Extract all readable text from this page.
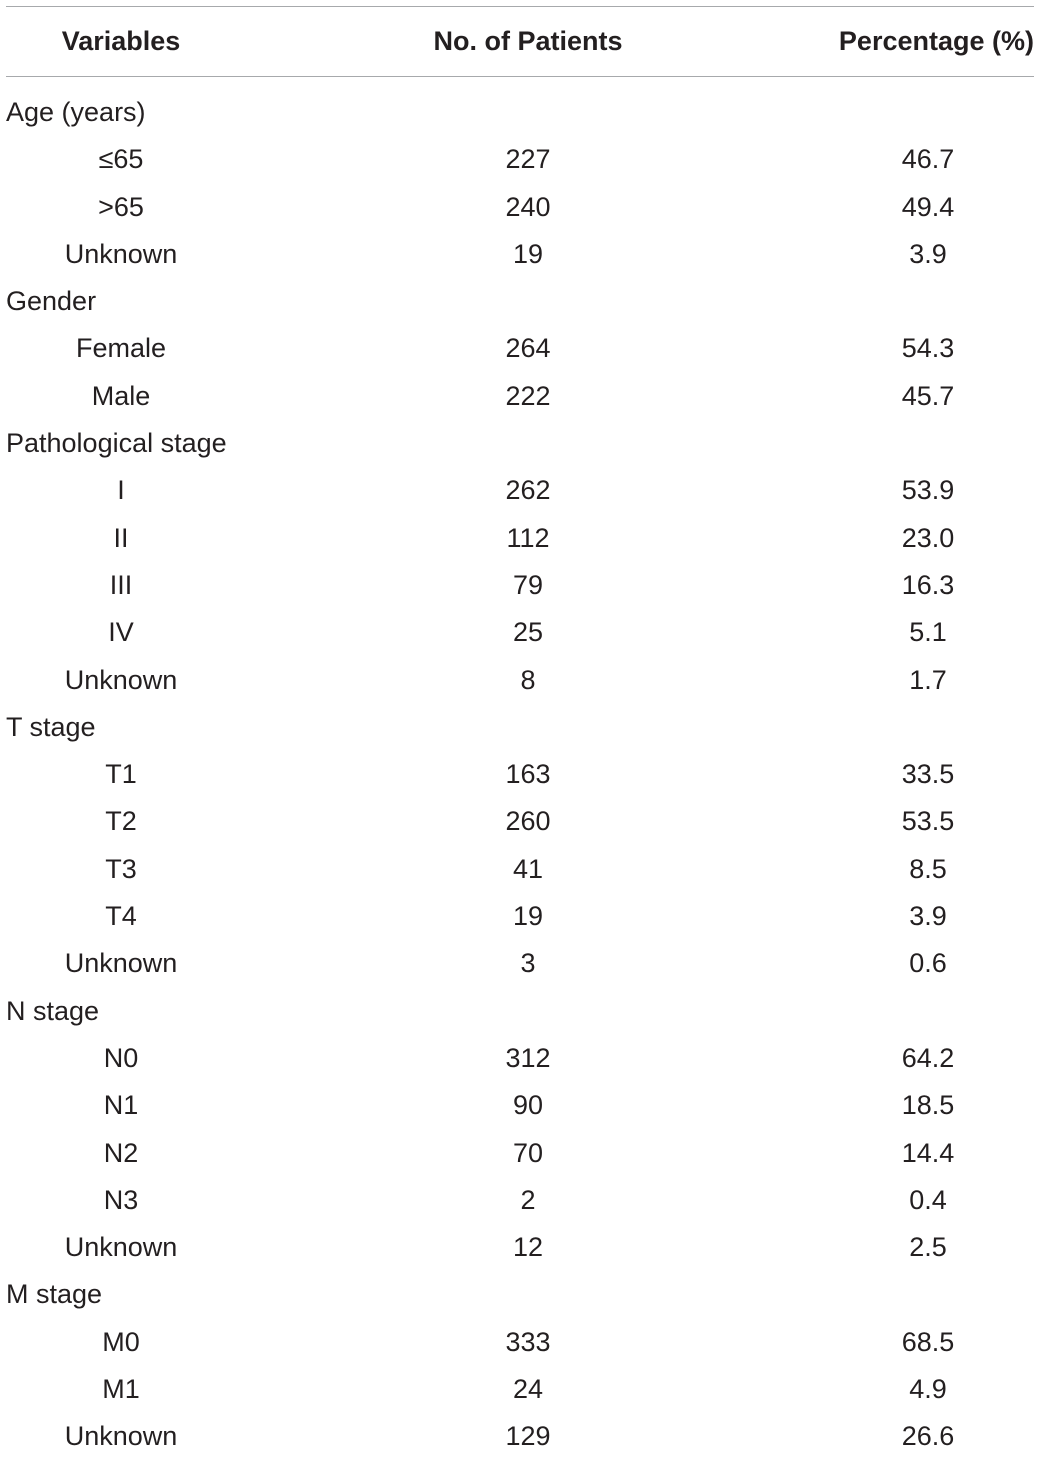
Variables	No. of Patients	Percentage (%)
Age (years)
≤65	227	46.7
>65	240	49.4
Unknown	19	3.9
Gender
Female	264	54.3
Male	222	45.7
Pathological stage
I	262	53.9
II	112	23.0
III	79	16.3
IV	25	5.1
Unknown	8	1.7
T stage
T1	163	33.5
T2	260	53.5
T3	41	8.5
T4	19	3.9
Unknown	3	0.6
N stage
N0	312	64.2
N1	90	18.5
N2	70	14.4
N3	2	0.4
Unknown	12	2.5
M stage
M0	333	68.5
M1	24	4.9
Unknown	129	26.6
